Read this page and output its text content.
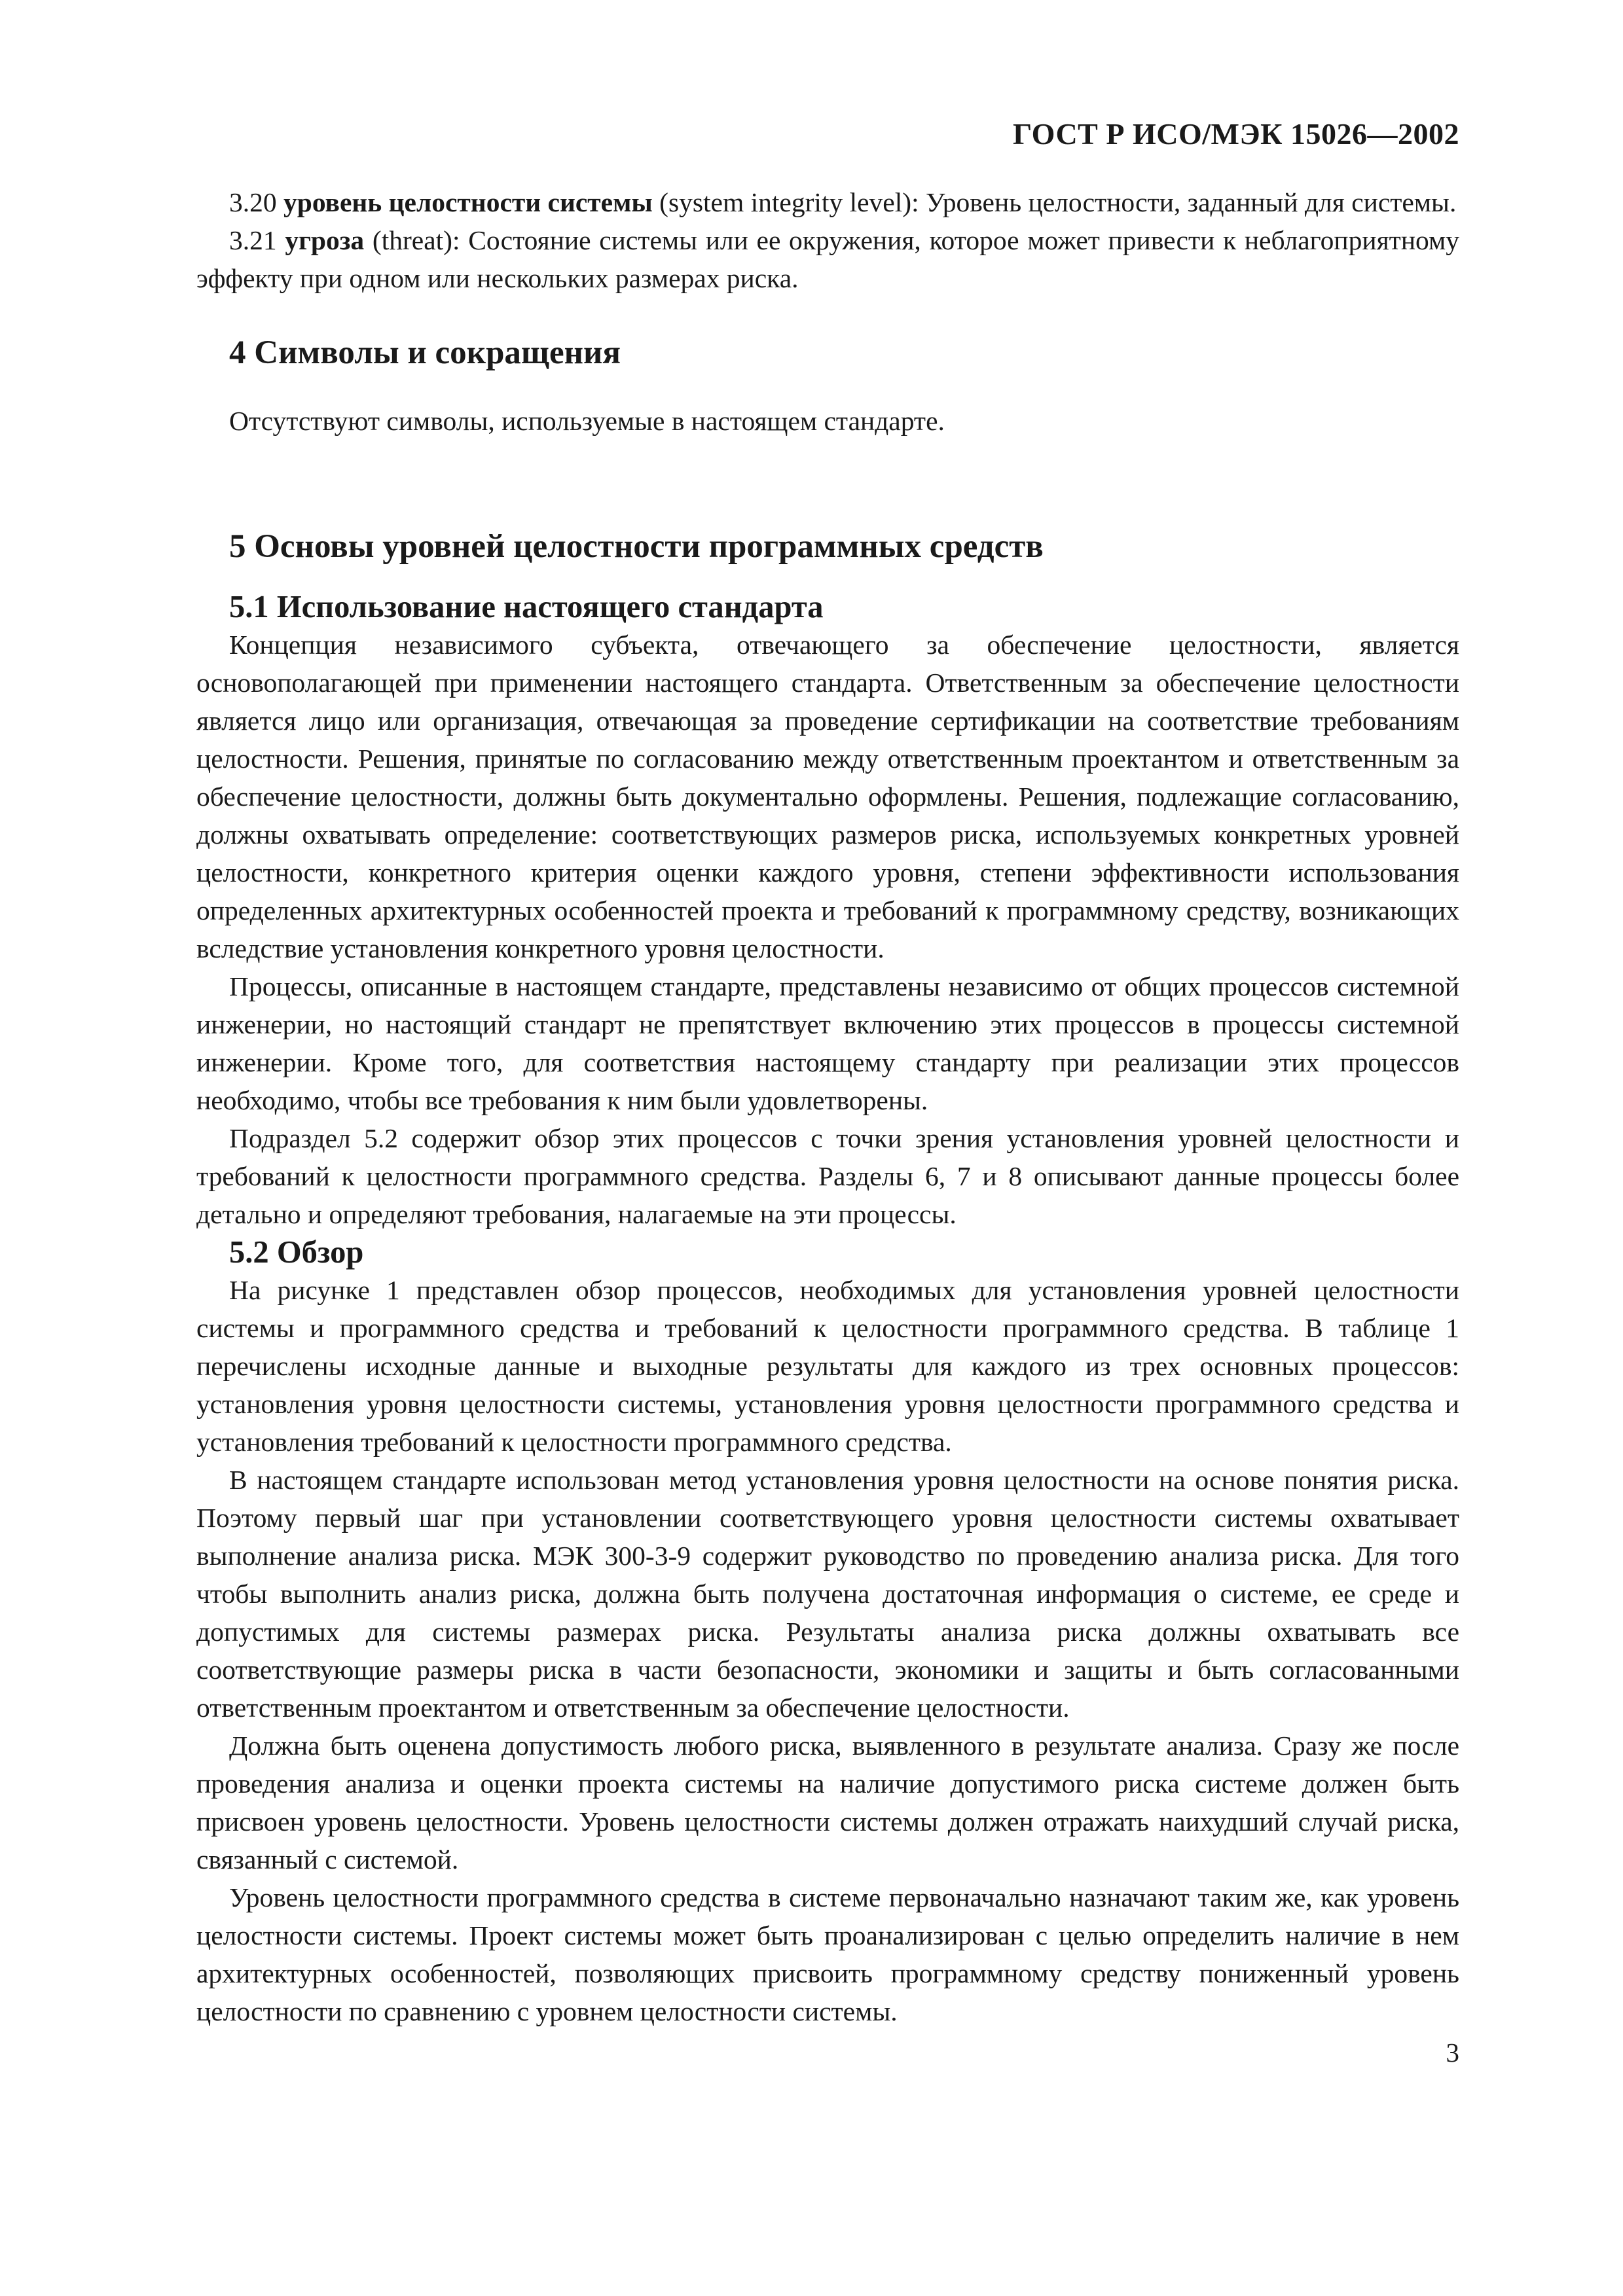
ГОСТ Р ИСО/МЭК 15026—2002

3.20 уровень целостности системы (system integrity level): Уровень целостности, заданный для системы.

3.21 угроза (threat): Состояние системы или ее окружения, которое может привести к неблагоприятному эффекту при одном или нескольких размерах риска.

4 Символы и сокращения

Отсутствуют символы, используемые в настоящем стандарте.

5 Основы уровней целостности программных средств
5.1 Использование настоящего стандарта

Концепция независимого субъекта, отвечающего за обеспечение целостности, является основополагающей при применении настоящего стандарта. Ответственным за обеспечение целостности является лицо или организация, отвечающая за проведение сертификации на соответствие требованиям целостности. Решения, принятые по согласованию между ответственным проектантом и ответственным за обеспечение целостности, должны быть документально оформлены. Решения, подлежащие согласованию, должны охватывать определение: соответствующих размеров риска, используемых конкретных уровней целостности, конкретного критерия оценки каждого уровня, степени эффективности использования определенных архитектурных особенностей проекта и требований к программному средству, возникающих вследствие установления конкретного уровня целостности.

Процессы, описанные в настоящем стандарте, представлены независимо от общих процессов системной инженерии, но настоящий стандарт не препятствует включению этих процессов в процессы системной инженерии. Кроме того, для соответствия настоящему стандарту при реализации этих процессов необходимо, чтобы все требования к ним были удовлетворены.

Подраздел 5.2 содержит обзор этих процессов с точки зрения установления уровней целостности и требований к целостности программного средства. Разделы 6, 7 и 8 описывают данные процессы более детально и определяют требования, налагаемые на эти процессы.

5.2 Обзор

На рисунке 1 представлен обзор процессов, необходимых для установления уровней целостности системы и программного средства и требований к целостности программного средства. В таблице 1 перечислены исходные данные и выходные результаты для каждого из трех основных процессов: установления уровня целостности системы, установления уровня целостности программного средства и установления требований к целостности программного средства.

В настоящем стандарте использован метод установления уровня целостности на основе понятия риска. Поэтому первый шаг при установлении соответствующего уровня целостности системы охватывает выполнение анализа риска. МЭК 300-3-9 содержит руководство по проведению анализа риска. Для того чтобы выполнить анализ риска, должна быть получена достаточная информация о системе, ее среде и допустимых для системы размерах риска. Результаты анализа риска должны охватывать все соответствующие размеры риска в части безопасности, экономики и защиты и быть согласованными ответственным проектантом и ответственным за обеспечение целостности.

Должна быть оценена допустимость любого риска, выявленного в результате анализа. Сразу же после проведения анализа и оценки проекта системы на наличие допустимого риска системе должен быть присвоен уровень целостности. Уровень целостности системы должен отражать наихудший случай риска, связанный с системой.

Уровень целостности программного средства в системе первоначально назначают таким же, как уровень целостности системы. Проект системы может быть проанализирован с целью определить наличие в нем архитектурных особенностей, позволяющих присвоить программному средству пониженный уровень целостности по сравнению с уровнем целостности системы.

3
